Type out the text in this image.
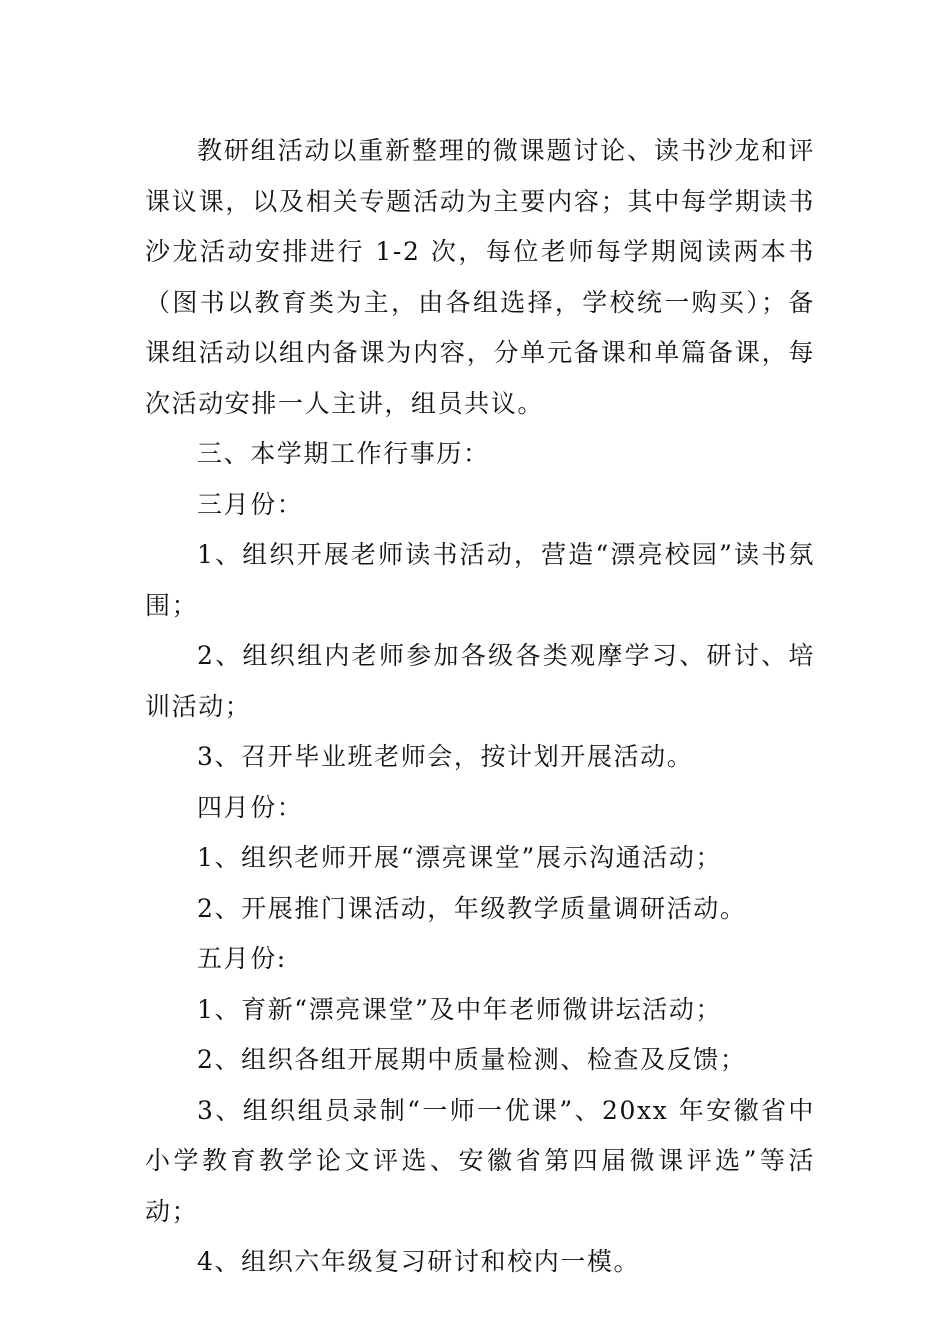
教研组活动以重新整理的微课题讨论、读书沙龙和评课议课，以及相关专题活动为主要内容；其中每学期读书沙龙活动安排进行 1-2 次，每位老师每学期阅读两本书（图书以教育类为主，由各组选择，学校统一购买）；备课组活动以组内备课为内容，分单元备课和单篇备课，每次活动安排一人主讲，组员共议。

三、本学期工作行事历：

三月份：

1、组织开展老师读书活动，营造“漂亮校园”读书氛围；

2、组织组内老师参加各级各类观摩学习、研讨、培训活动；

3、召开毕业班老师会，按计划开展活动。

四月份：

1、组织老师开展“漂亮课堂”展示沟通活动；

2、开展推门课活动，年级教学质量调研活动。

五月份:

1、育新“漂亮课堂”及中年老师微讲坛活动；

2、组织各组开展期中质量检测、检查及反馈；

3、组织组员录制“一师一优课”、20xx 年安徽省中小学教育教学论文评选、安徽省第四届微课评选”等活动；

4、组织六年级复习研讨和校内一模。
